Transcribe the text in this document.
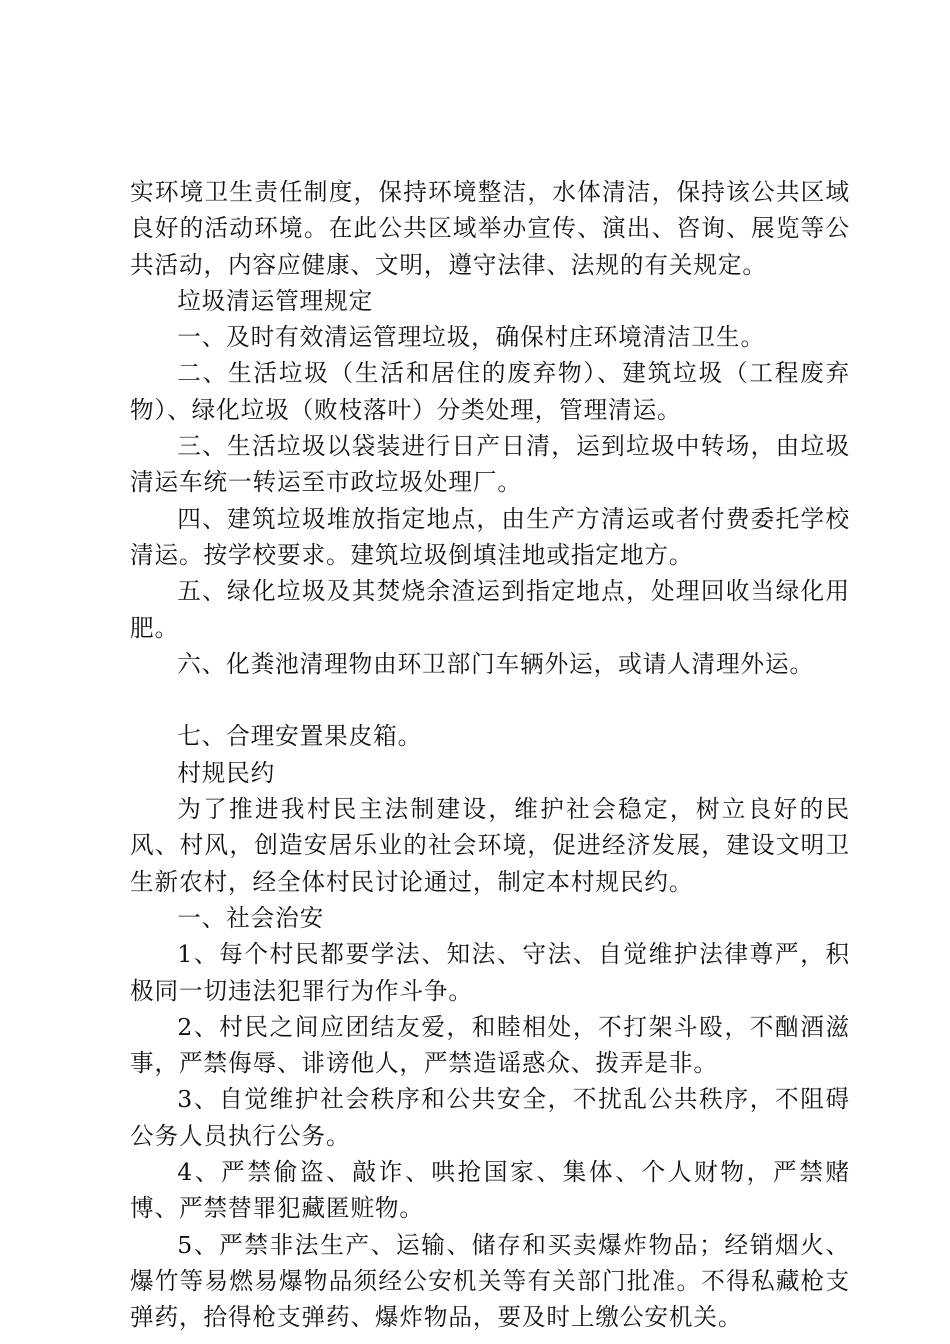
实环境卫生责任制度，保持环境整洁，水体清洁，保持该公共区域良好的活动环境。在此公共区域举办宣传、演出、咨询、展览等公共活动，内容应健康、文明，遵守法律、法规的有关规定。

垃圾清运管理规定

一、及时有效清运管理垃圾，确保村庄环境清洁卫生。

二、生活垃圾（生活和居住的废弃物）、建筑垃圾（工程废弃物）、绿化垃圾（败枝落叶）分类处理，管理清运。

三、生活垃圾以袋装进行日产日清，运到垃圾中转场，由垃圾清运车统一转运至市政垃圾处理厂。

四、建筑垃圾堆放指定地点，由生产方清运或者付费委托学校清运。按学校要求。建筑垃圾倒填洼地或指定地方。

五、绿化垃圾及其焚烧余渣运到指定地点，处理回收当绿化用肥。

六、化粪池清理物由环卫部门车辆外运，或请人清理外运。

七、合理安置果皮箱。

村规民约

为了推进我村民主法制建设，维护社会稳定，树立良好的民风、村风，创造安居乐业的社会环境，促进经济发展，建设文明卫生新农村，经全体村民讨论通过，制定本村规民约。

一、社会治安

1、每个村民都要学法、知法、守法、自觉维护法律尊严，积极同一切违法犯罪行为作斗争。

2、村民之间应团结友爱，和睦相处，不打架斗殴，不酗酒滋事，严禁侮辱、诽谤他人，严禁造谣惑众、拨弄是非。

3、自觉维护社会秩序和公共安全，不扰乱公共秩序，不阻碍公务人员执行公务。

4、严禁偷盗、敲诈、哄抢国家、集体、个人财物，严禁赌博、严禁替罪犯藏匿赃物。

5、严禁非法生产、运输、储存和买卖爆炸物品；经销烟火、爆竹等易燃易爆物品须经公安机关等有关部门批准。不得私藏枪支弹药，拾得枪支弹药、爆炸物品，要及时上缴公安机关。
